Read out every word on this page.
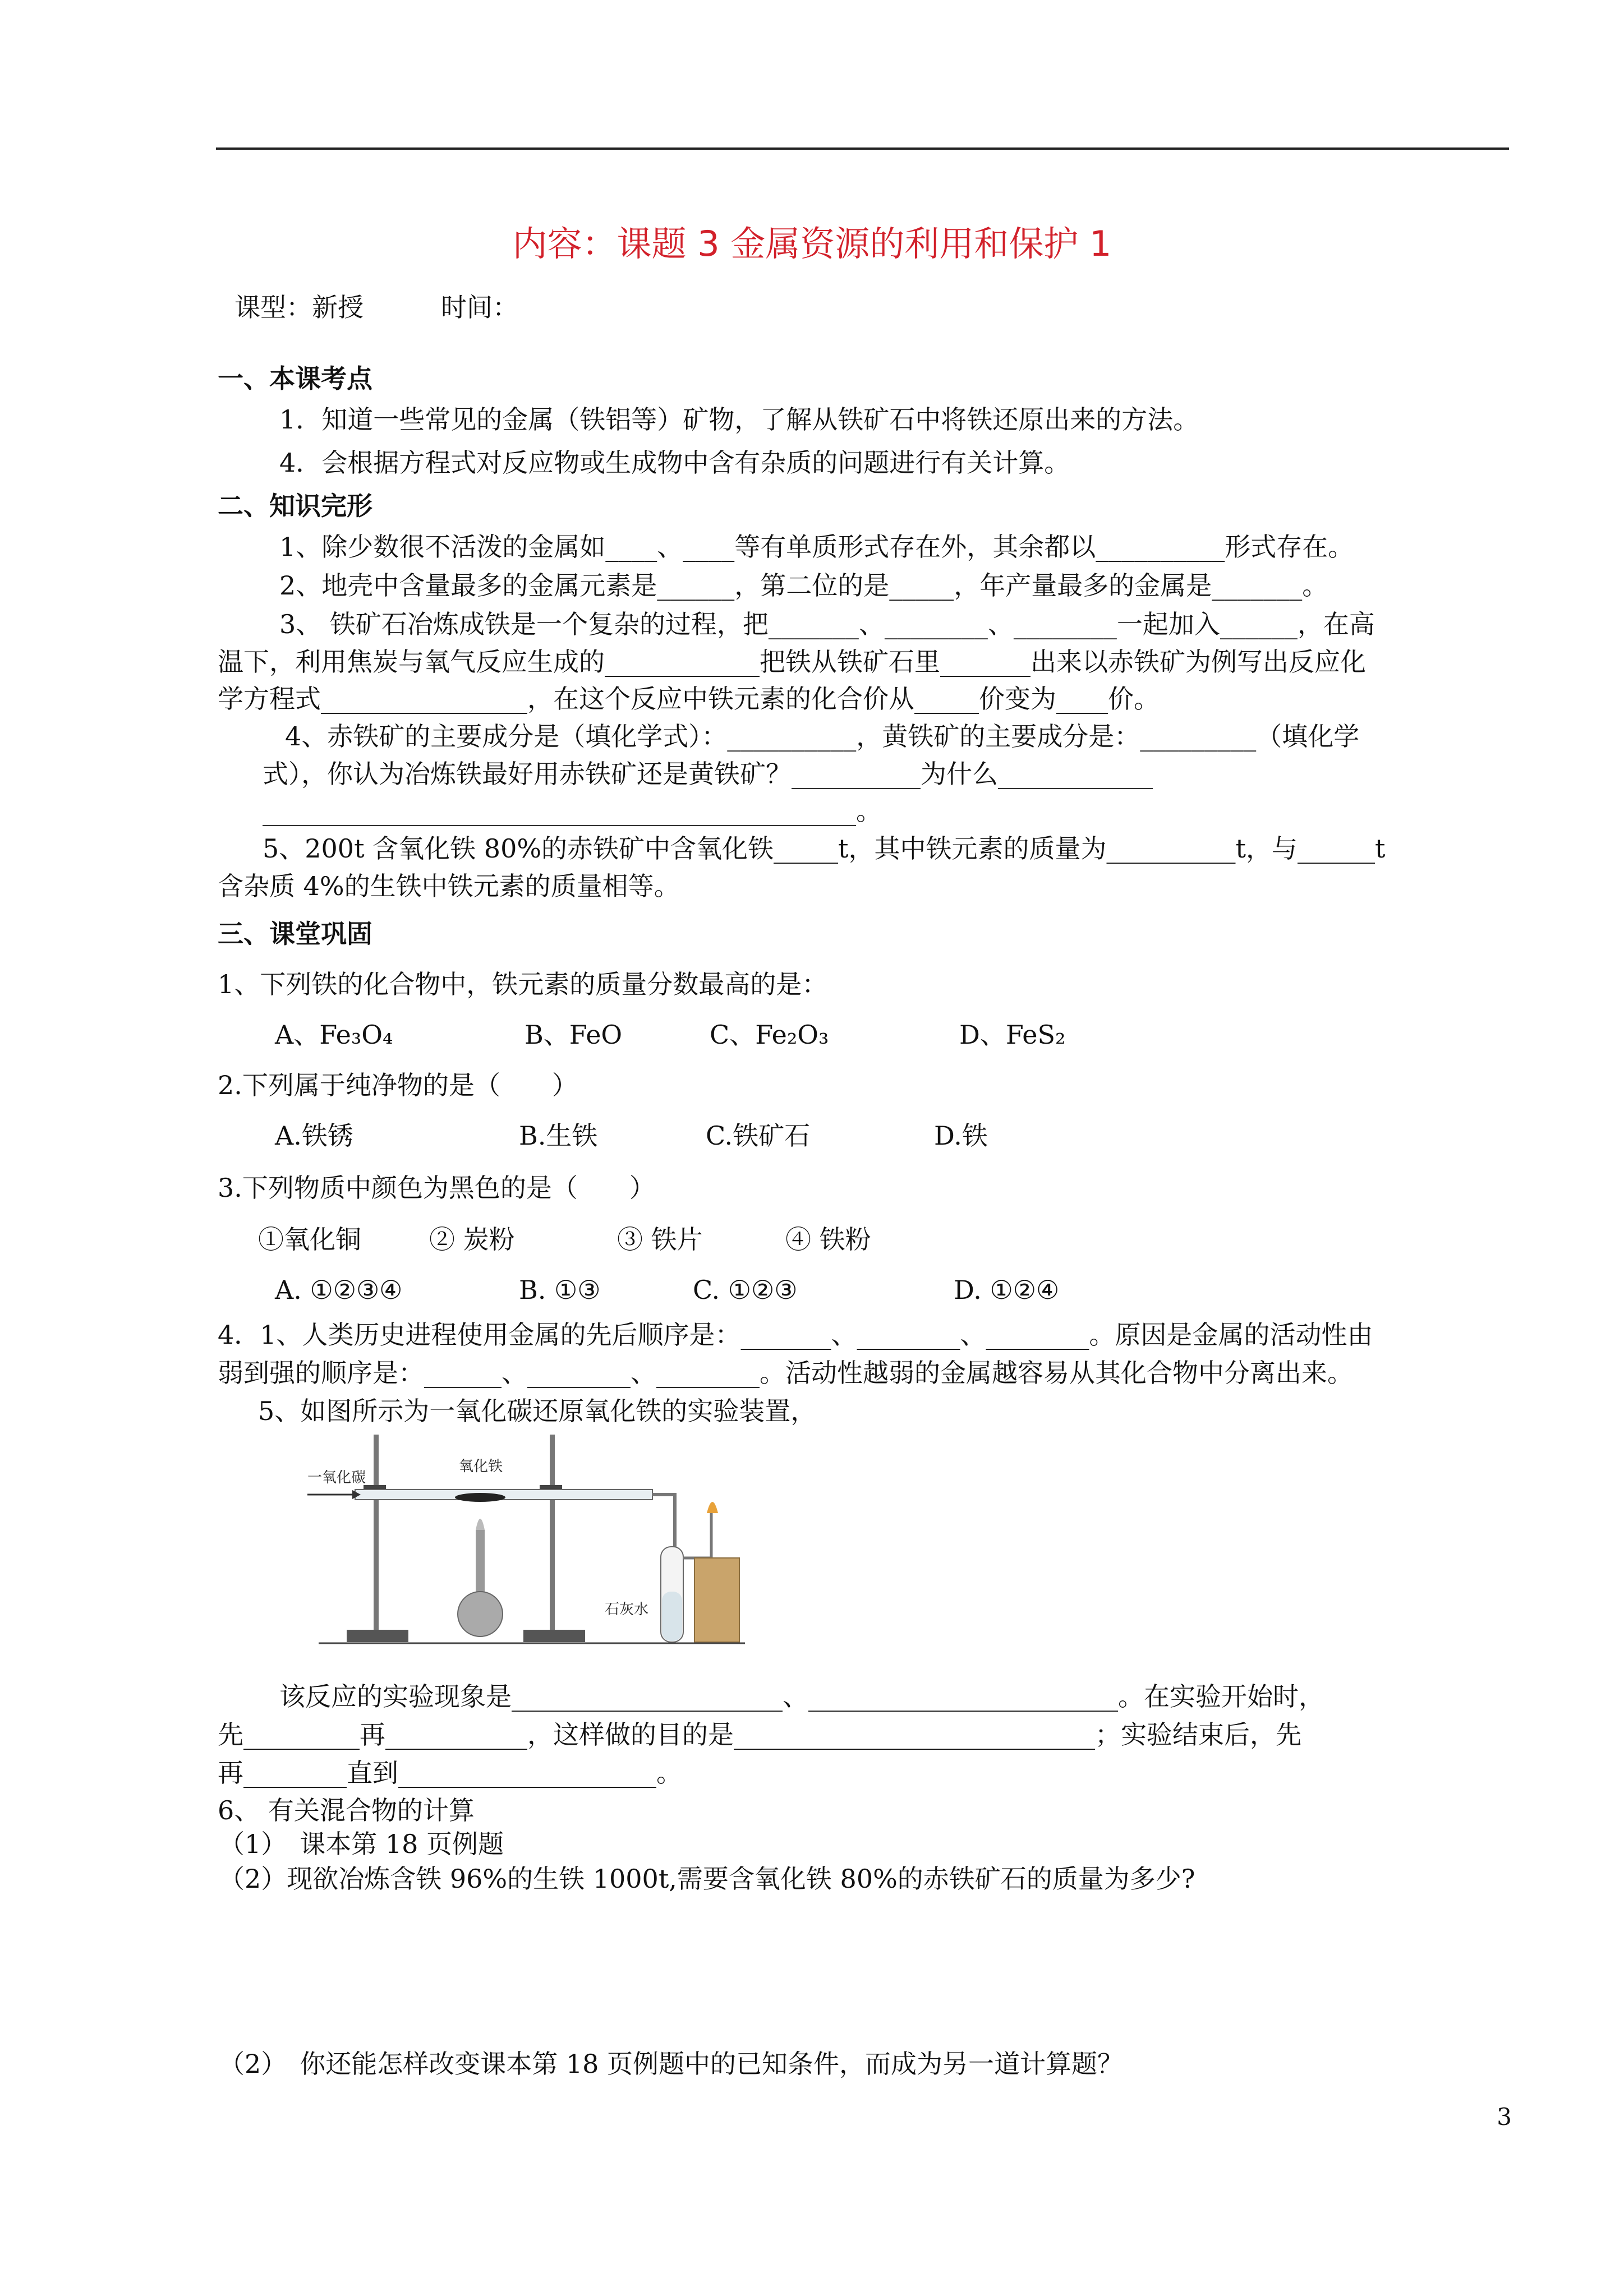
内容：课题 3 金属资源的利用和保护 1
课型：新授　　　时间：
一、本课考点
1．知道一些常见的金属（铁铝等）矿物，了解从铁矿石中将铁还原出来的方法。
4．会根据方程式对反应物或生成物中含有杂质的问题进行有关计算。
二、知识完形
1、除少数很不活泼的金属如____、____等有单质形式存在外，其余都以__________形式存在。
2、地壳中含量最多的金属元素是______，第二位的是_____，年产量最多的金属是_______。
3、 铁矿石冶炼成铁是一个复杂的过程，把_______、________、________一起加入______，在高
温下，利用焦炭与氧气反应生成的____________把铁从铁矿石里_______出来以赤铁矿为例写出反应化
学方程式________________，在这个反应中铁元素的化合价从_____价变为____价。
4、赤铁矿的主要成分是（填化学式）：__________，黄铁矿的主要成分是：_________（填化学
式），你认为冶炼铁最好用赤铁矿还是黄铁矿？__________为什么____________
______________________________________________。
5、200t 含氧化铁 80%的赤铁矿中含氧化铁_____t，其中铁元素的质量为__________t，与______t
含杂质 4%的生铁中铁元素的质量相等。
三、课堂巩固
1、下列铁的化合物中，铁元素的质量分数最高的是：
A、Fe₃O₄	B、FeO	C、Fe₂O₃	D、FeS₂
2.下列属于纯净物的是（　　）
A.铁锈	B.生铁	C.铁矿石	D.铁
3.下列物质中颜色为黑色的是（　　）
①氧化铜	② 炭粉	③ 铁片	④ 铁粉
A. ①②③④	B. ①③	C. ①②③	D. ①②④
4．1、人类历史进程使用金属的先后顺序是：_______、________、________。原因是金属的活动性由
弱到强的顺序是：______、________、________。活动性越弱的金属越容易从其化合物中分离出来。
5、如图所示为一氧化碳还原氧化铁的实验装置，
一氧化碳
氧化铁
石灰水
该反应的实验现象是_____________________、________________________。在实验开始时，
先_________再___________，这样做的目的是____________________________；实验结束后，先
再________直到____________________。
6、 有关混合物的计算
（1）　课本第 18 页例题
（2）现欲冶炼含铁 96%的生铁 1000t,需要含氧化铁 80%的赤铁矿石的质量为多少?
（2）　你还能怎样改变课本第 18 页例题中的已知条件，而成为另一道计算题？
3
